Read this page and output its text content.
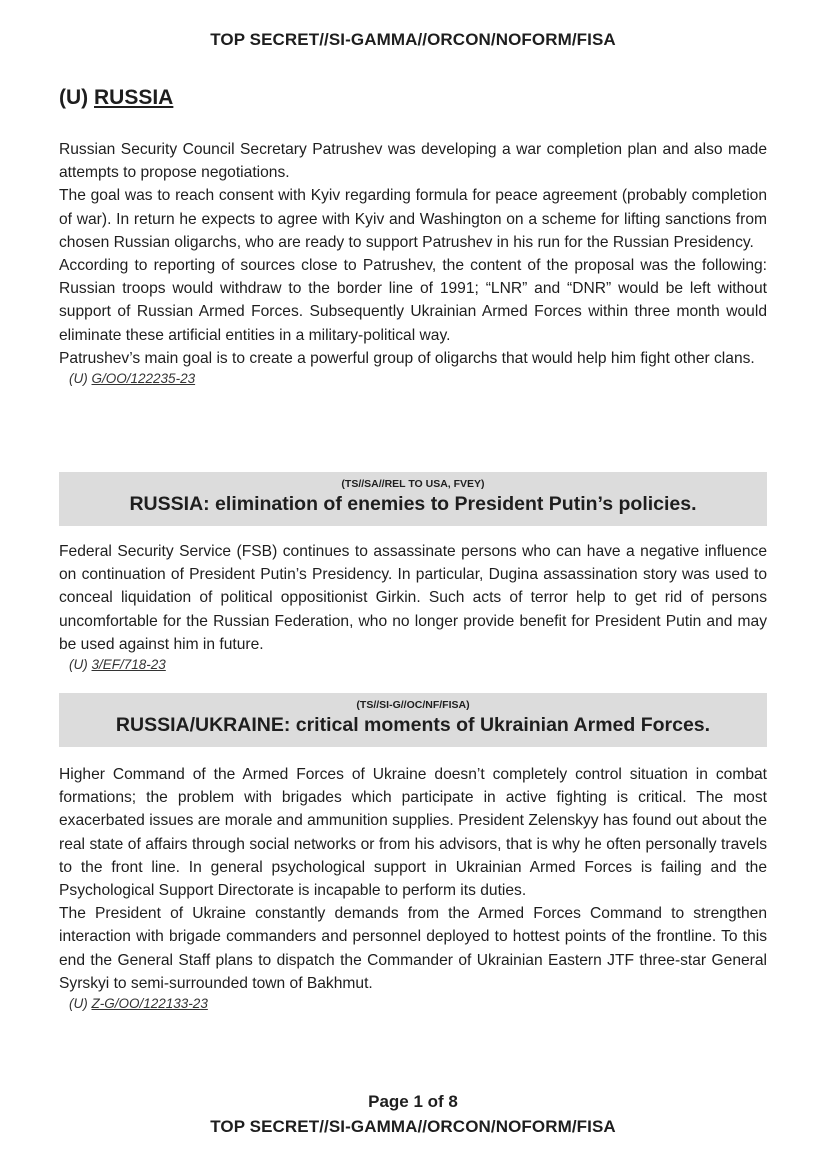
TOP SECRET//SI-GAMMA//ORCON/NOFORM/FISA
(U) RUSSIA

Russian Security Council Secretary Patrushev was developing a war completion plan and also made attempts to propose negotiations.

The goal was to reach consent with Kyiv regarding formula for peace agreement (probably completion of war). In return he expects to agree with Kyiv and Washington on a scheme for lifting sanctions from chosen Russian oligarchs, who are ready to support Patrushev in his run for the Russian Presidency.

According to reporting of sources close to Patrushev, the content of the proposal was the following: Russian troops would withdraw to the border line of 1991; “LNR” and “DNR” would be left without support of Russian Armed Forces. Subsequently Ukrainian Armed Forces within three month would eliminate these artificial entities in a military-political way.

Patrushev’s main goal is to create a powerful group of oligarchs that would help him fight other clans.

(U) G/OO/122235-23
(TS//SA//REL TO USA, FVEY)
RUSSIA: elimination of enemies to President Putin’s policies.

Federal Security Service (FSB) continues to assassinate persons who can have a negative influence on continuation of President Putin’s Presidency. In particular, Dugina assassination story was used to conceal liquidation of political oppositionist Girkin. Such acts of terror help to get rid of persons uncomfortable for the Russian Federation, who no longer provide benefit for President Putin and may be used against him in future.

(U) 3/EF/718-23
(TS//SI-G//OC/NF/FISA)
RUSSIA/UKRAINE: critical moments of Ukrainian Armed Forces.

Higher Command of the Armed Forces of Ukraine doesn’t completely control situation in combat formations; the problem with brigades which participate in active fighting is critical. The most exacerbated issues are morale and ammunition supplies. President Zelenskyy has found out about the real state of affairs through social networks or from his advisors, that is why he often personally travels to the front line. In general psychological support in Ukrainian Armed Forces is failing and the Psychological Support Directorate is incapable to perform its duties.

The President of Ukraine constantly demands from the Armed Forces Command to strengthen interaction with brigade commanders and personnel deployed to hottest points of the frontline. To this end the General Staff plans to dispatch the Commander of Ukrainian Eastern JTF three-star General Syrskyi to semi-surrounded town of Bakhmut.

(U) Z-G/OO/122133-23
Page 1 of 8
TOP SECRET//SI-GAMMA//ORCON/NOFORM/FISA
